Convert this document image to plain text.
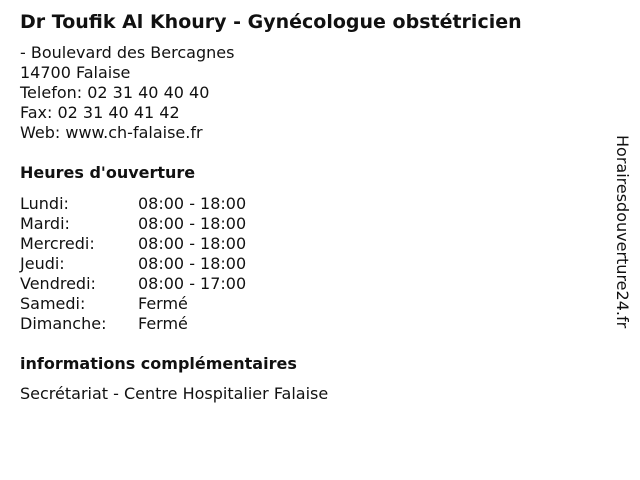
Dr Toufik Al Khoury - Gynécologue obstétricien
- Boulevard des Bercagnes
14700 Falaise
Telefon: 02 31 40 40 40
Fax: 02 31 40 41 42
Web: www.ch-falaise.fr
Heures d'ouverture
Lundi:	08:00 - 18:00
Mardi:	08:00 - 18:00
Mercredi:	08:00 - 18:00
Jeudi:	08:00 - 18:00
Vendredi:	08:00 - 17:00
Samedi:	Fermé
Dimanche:	Fermé
informations complémentaires
Secrétariat - Centre Hospitalier Falaise
Horairesdouverture24.fr
